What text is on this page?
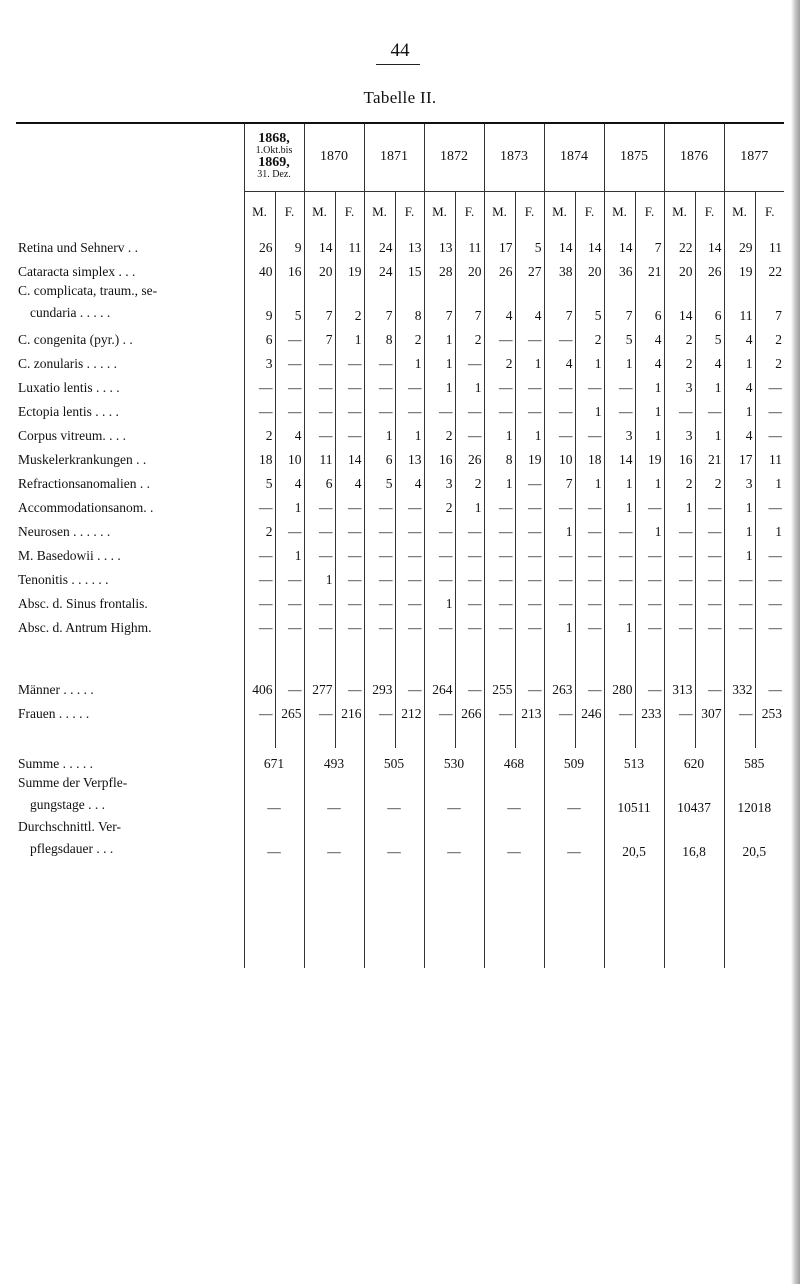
44
Tabelle II.

	1868,
1.Okt.bis
1869,
31. Dez.		1870		1871		1872		1873		1874		1875		1876		1877	
	M.	F.	M.	F.	M.	F.	M.	F.	M.	F.	M.	F.	M.	F.	M.	F.	M.	F.
Retina und Sehnerv . .	26	9	14	11	24	13	13	11	17	5	14	14	14	7	22	14	29	11
Cataracta simplex . . .	40	16	20	19	24	15	28	20	26	27	38	20	36	21	20	26	19	22

C. complicata, traum., se-
cundaria . . . . .	9	5	7	2	7	8	7	7	4	4	7	5	7	6	14	6	11	7
C. congenita (pyr.) . .	6	—	7	1	8	2	1	2	—	—	—	2	5	4	2	5	4	2
C. zonularis . . . . .	3	—	—	—	—	1	1	—	2	1	4	1	1	4	2	4	1	2
Luxatio lentis . . . .	—	—	—	—	—	—	1	1	—	—	—	—	—	1	3	1	4	—
Ectopia lentis . . . .	—	—	—	—	—	—	—	—	—	—	—	1	—	1	—	—	1	—
Corpus vitreum. . . .	2	4	—	—	1	1	2	—	1	1	—	—	3	1	3	1	4	—
Muskelerkrankungen . .	18	10	11	14	6	13	16	26	8	19	10	18	14	19	16	21	17	11
Refractionsanomalien . .	5	4	6	4	5	4	3	2	1	—	7	1	1	1	2	2	3	1
Accommodationsanom. .	—	1	—	—	—	—	2	1	—	—	—	—	1	—	1	—	1	—
Neurosen . . . . . .	2	—	—	—	—	—	—	—	—	—	1	—	—	1	—	—	1	1
M. Basedowii . . . .	—	1	—	—	—	—	—	—	—	—	—	—	—	—	—	—	1	—
Tenonitis . . . . . .	—	—	1	—	—	—	—	—	—	—	—	—	—	—	—	—	—	—
Absc. d. Sinus frontalis.	—	—	—	—	—	—	1	—	—	—	—	—	—	—	—	—	—	—
Absc. d. Antrum Highm.	—	—	—	—	—	—	—	—	—	—	1	—	1	—	—	—	—	—

Männer . . . . .	406	—	277	—	293	—	264	—	255	—	263	—	280	—	313	—	332	—
Frauen . . . . .	—	265	—	216	—	212	—	266	—	213	—	246	—	233	—	307	—	253

Summe . . . . .	671		493		505		530		468		509		513		620		585	

Summe der Verpfle-
gungstage . . .	—		—		—		—		—		—		10511		10437		12018	

Durchschnittl. Ver-
pflegsdauer . . .	—		—		—		—		—		—		20,5		16,8		20,5	
